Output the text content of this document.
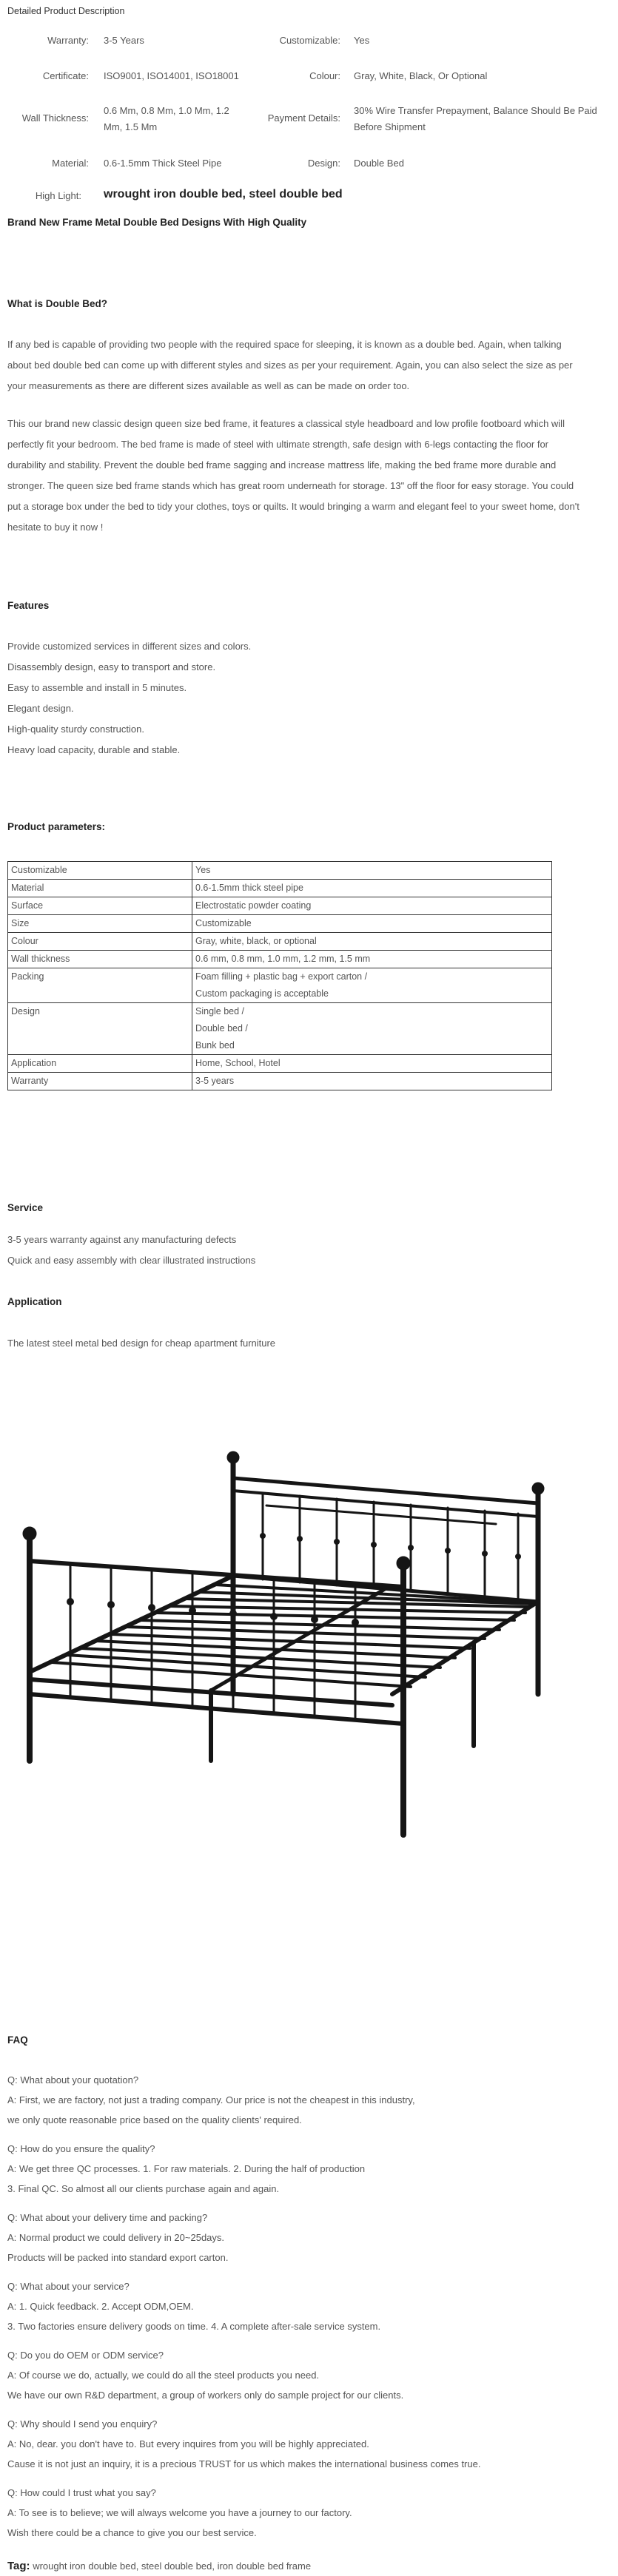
Detailed Product Description
Warranty: 3-5 Years	Customizable: Yes
Certificate: ISO9001, ISO14001, ISO18001	Colour: Gray, White, Black, Or Optional
Wall Thickness:
0.6 Mm, 0.8 Mm, 1.0 Mm, 1.2
Mm, 1.5 Mm
Payment Details:
30% Wire Transfer Prepayment, Balance Should Be Paid
Before Shipment
Material: 0.6-1.5mm Thick Steel Pipe	Design: Double Bed
High Light: wrought iron double bed, steel double bed
Brand New Frame Metal Double Bed Designs With High Quality
What is Double Bed?
If any bed is capable of providing two people with the required space for sleeping, it is known as a double bed. Again, when talking
about bed double bed can come up with different styles and sizes as per your requirement. Again, you can also select the size as per
your measurements as there are different sizes available as well as can be made on order too.
This our brand new classic design queen size bed frame, it features a classical style headboard and low profile footboard which will
perfectly fit your bedroom. The bed frame is made of steel with ultimate strength, safe design with 6-legs contacting the floor for
durability and stability. Prevent the double bed frame sagging and increase mattress life, making the bed frame more durable and
stronger. The queen size bed frame stands which has great room underneath for storage. 13" off the floor for easy storage. You could
put a storage box under the bed to tidy your clothes, toys or quilts. It would bringing a warm and elegant feel to your sweet home, don't
hesitate to buy it now !
Features
Provide customized services in different sizes and colors.
Disassembly design, easy to transport and store.
Easy to assemble and install in 5 minutes.
Elegant design.
High-quality sturdy construction.
Heavy load capacity, durable and stable.
Product parameters:
Customizable	Yes

Material	0.6-1.5mm thick steel pipe

Surface	Electrostatic powder coating

Size	Customizable

Colour	Gray, white, black, or optional

Wall thickness	0.6 mm, 0.8 mm, 1.0 mm, 1.2 mm, 1.5 mm

Packing	Foam filling + plastic bag + export carton /
Custom packaging is acceptable

Design	Single bed /
Double bed /
Bunk bed

Application	Home, School, Hotel

Warranty	3-5 years
Service
3-5 years warranty against any manufacturing defects
Quick and easy assembly with clear illustrated instructions
Application
The latest steel metal bed design for cheap apartment furniture
FAQ
Q: What about your quotation?
A: First, we are factory, not just a trading company. Our price is not the cheapest in this industry,
we only quote reasonable price based on the quality clients' required.
Q: How do you ensure the quality?
A: We get three QC processes. 1. For raw materials. 2. During the half of production
3. Final QC. So almost all our clients purchase again and again.
Q: What about your delivery time and packing?
A: Normal product we could delivery in 20~25days.
Products will be packed into standard export carton.
Q: What about your service?
A: 1. Quick feedback. 2. Accept ODM,OEM.
3. Two factories ensure delivery goods on time. 4. A complete after-sale service system.
Q: Do you do OEM or ODM service?
A: Of course we do, actually, we could do all the steel products you need.
We have our own R&D department, a group of workers only do sample project for our clients.
Q: Why should I send you enquiry?
A: No, dear. you don't have to. But every inquires from you will be highly appreciated.
Cause it is not just an inquiry, it is a precious TRUST for us which makes the international business comes true.
Q: How could I trust what you say?
A: To see is to believe; we will always welcome you have a journey to our factory.
Wish there could be a chance to give you our best service.
Tag: wrought iron double bed, steel double bed, iron double bed frame
